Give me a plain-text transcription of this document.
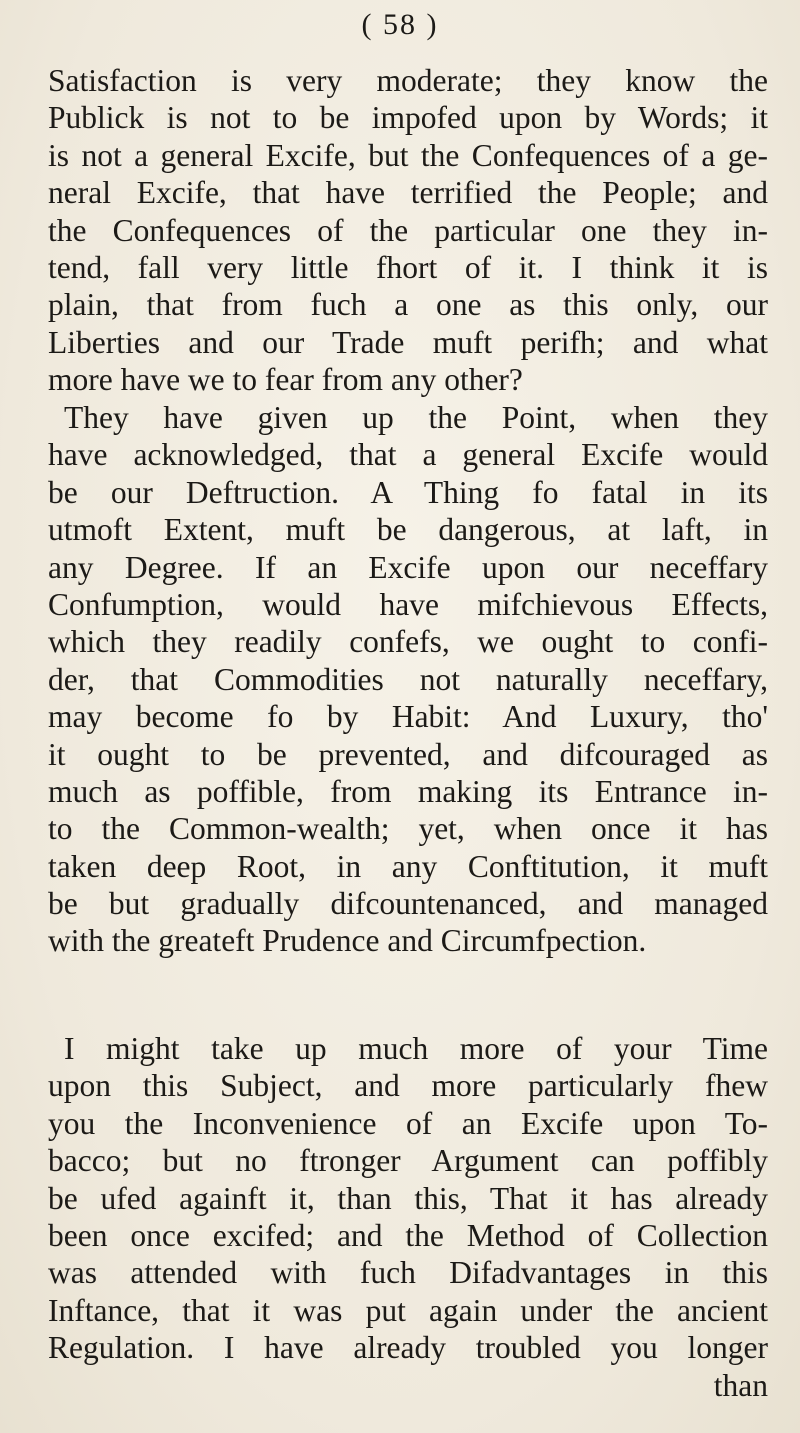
( 58 )
Satisfaction is very moderate; they know the
Publick is not to be impofed upon by Words; it
is not a general Excife, but the Confequences of a ge-
neral Excife, that have terrified the People; and
the Confequences of the particular one they in-
tend, fall very little fhort of it. I think it is
plain, that from fuch a one as this only, our
Liberties and our Trade muft perifh; and what
more have we to fear from any other?
They have given up the Point, when they
have acknowledged, that a general Excife would
be our Deftruction. A Thing fo fatal in its
utmoft Extent, muft be dangerous, at laft, in
any Degree. If an Excife upon our neceffary
Confumption, would have mifchievous Effects,
which they readily confefs, we ought to confi-
der, that Commodities not naturally neceffary,
may become fo by Habit: And Luxury, tho'
it ought to be prevented, and difcouraged as
much as poffible, from making its Entrance in-
to the Common-wealth; yet, when once it has
taken deep Root, in any Conftitution, it muft
be but gradually difcountenanced, and managed
with the greateft Prudence and Circumfpection.
I might take up much more of your Time
upon this Subject, and more particularly fhew
you the Inconvenience of an Excife upon To-
bacco; but no ftronger Argument can poffibly
be ufed againft it, than this, That it has already
been once excifed; and the Method of Collection
was attended with fuch Difadvantages in this
Inftance, that it was put again under the ancient
Regulation. I have already troubled you longer
than
